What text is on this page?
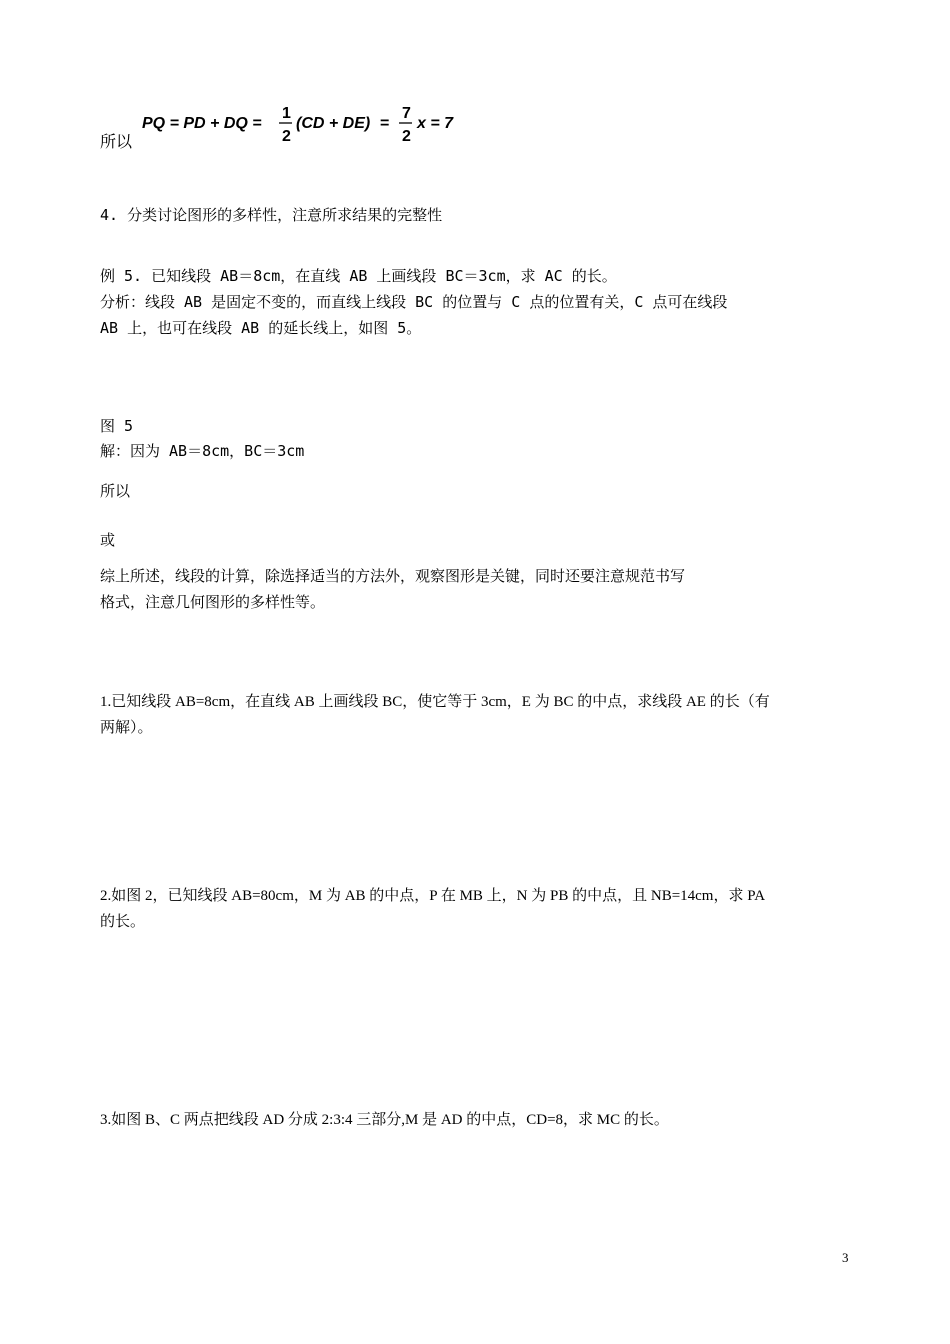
所以
PQ = PD + DQ =
1
2
(CD + DE) =
7
2
x = 7
4. 分类讨论图形的多样性，注意所求结果的完整性
例 5. 已知线段 AB＝8cm，在直线 AB 上画线段 BC＝3cm，求 AC 的长。
分析：线段 AB 是固定不变的，而直线上线段 BC 的位置与 C 点的位置有关，C 点可在线段
AB 上，也可在线段 AB 的延长线上，如图 5。
图 5
解：因为 AB＝8cm，BC＝3cm
所以
或
综上所述，线段的计算，除选择适当的方法外，观察图形是关键，同时还要注意规范书写
格式，注意几何图形的多样性等。
1.已知线段 AB=8cm，在直线 AB 上画线段 BC，使它等于 3cm，E 为 BC 的中点，求线段 AE 的长（有
两解）。
2.如图 2，已知线段 AB=80cm，M 为 AB 的中点，P 在 MB 上，N 为 PB 的中点，且 NB=14cm，求 PA
的长。
3.如图 B、C 两点把线段 AD 分成 2:3:4 三部分,M 是 AD 的中点，CD=8，求 MC 的长。
3
